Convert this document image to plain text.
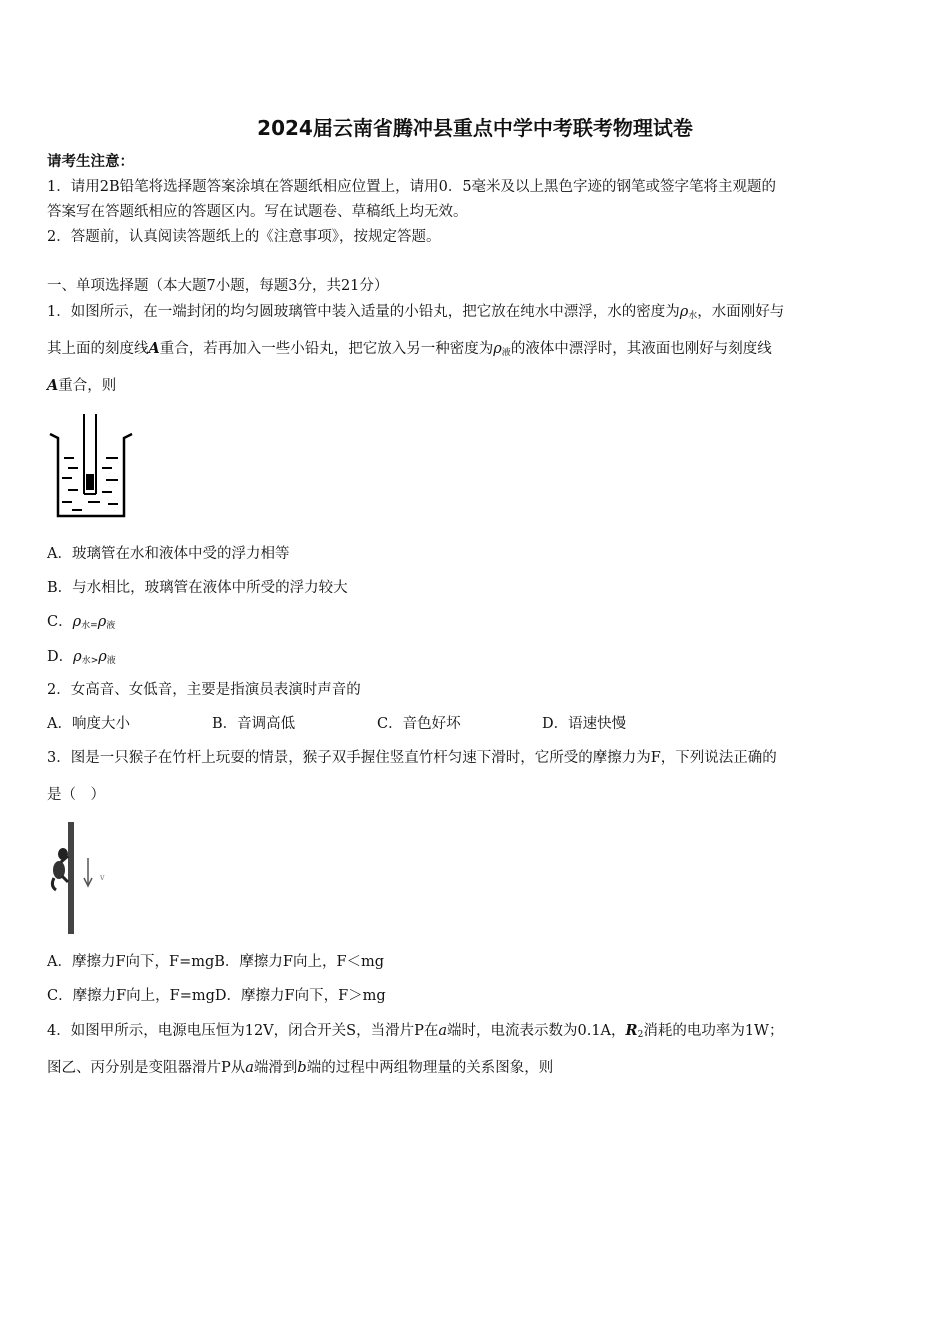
2024届云南省腾冲县重点中学中考联考物理试卷
请考生注意：
1．请用2B铅笔将选择题答案涂填在答题纸相应位置上，请用0．5毫米及以上黑色字迹的钢笔或签字笔将主观题的
答案写在答题纸相应的答题区内。写在试题卷、草稿纸上均无效。
2．答题前，认真阅读答题纸上的《注意事项》，按规定答题。
一、单项选择题（本大题7小题，每题3分，共21分）
1．如图所示，在一端封闭的均匀圆玻璃管中装入适量的小铅丸，把它放在纯水中漂浮，水的密度为$\rho_水$，水面刚好与
其上面的刻度线A重合，若再加入一些小铅丸，把它放入另一种密度为$\rho_液$的液体中漂浮时，其液面也刚好与刻度线
A重合，则
A．玻璃管在水和液体中受的浮力相等
B．与水相比，玻璃管在液体中所受的浮力较大
C．$\rho_{水=}\rho_液$
D．$\rho_{水>}\rho_液$
2．女高音、女低音，主要是指演员表演时声音的
A．响度大小	B．音调高低	C．音色好坏	D．语速快慢
3．图是一只猴子在竹杆上玩耍的情景，猴子双手握住竖直竹杆匀速下滑时，它所受的摩擦力为F，下列说法正确的
是（　）
v
A．摩擦力F向下，F=mgB．摩擦力F向上，F＜mg
C．摩擦力F向上，F=mgD．摩擦力F向下，F＞mg
4．如图甲所示，电源电压恒为12V，闭合开关S，当滑片P在a端时，电流表示数为0.1A，$R_2$消耗的电功率为1W；
图乙、丙分别是变阻器滑片P从a端滑到b端的过程中两组物理量的关系图象，则
